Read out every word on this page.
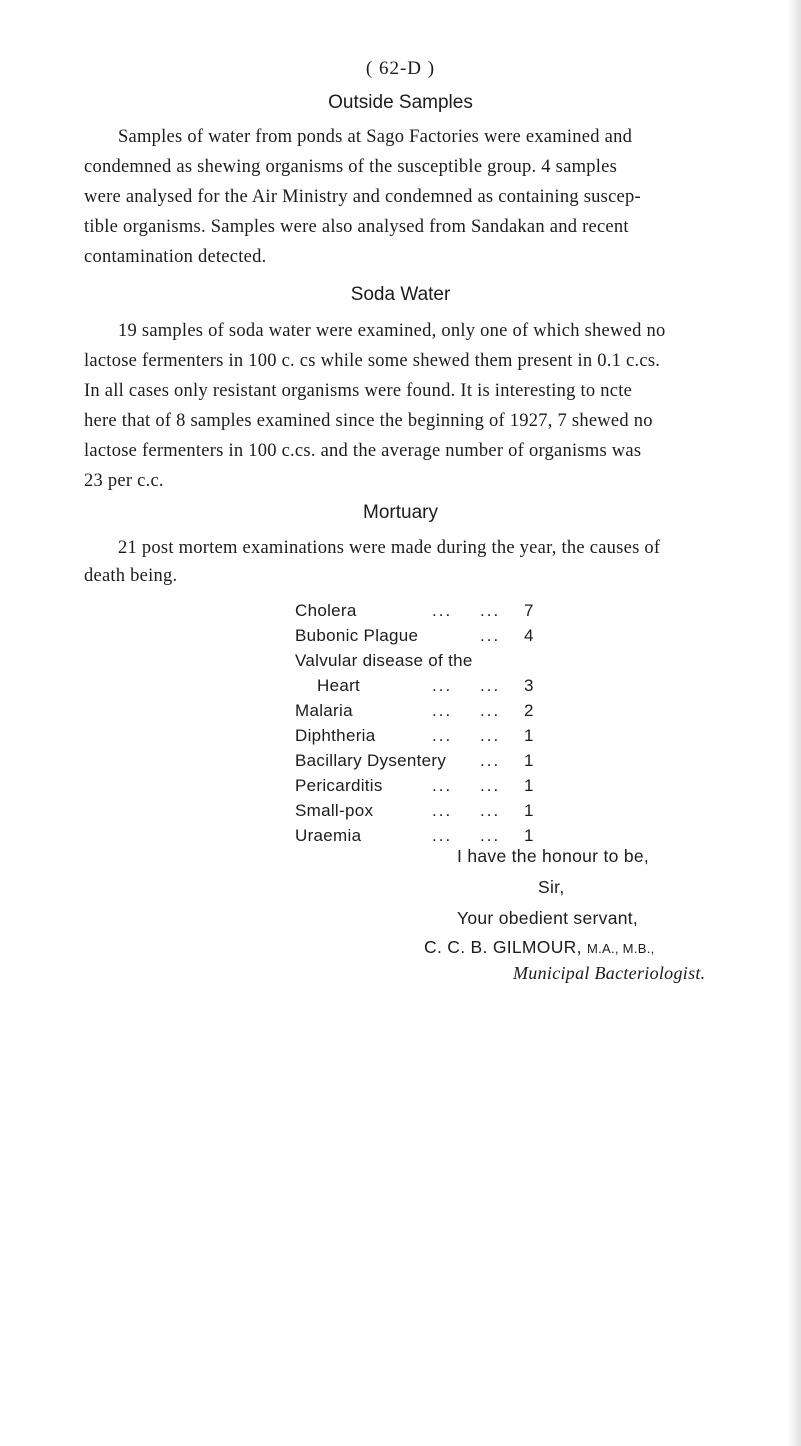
( 62-D )
Outside Samples
Samples of water from ponds at Sago Factories were examined and
condemned as shewing organisms of the susceptible group. 4 samples
were analysed for the Air Ministry and condemned as containing suscep-
tible organisms. Samples were also analysed from Sandakan and recent
contamination detected.
Soda Water
19 samples of soda water were examined, only one of which shewed no
lactose fermenters in 100 c. cs while some shewed them present in 0.1 c.cs.
In all cases only resistant organisms were found. It is interesting to ncte
here that of 8 samples examined since the beginning of 1927, 7 shewed no
lactose fermenters in 100 c.cs. and the average number of organisms was
23 per c.c.
Mortuary
21 post mortem examinations were made during the year, the causes of
death being.
Cholera	... ... 7
Bubonic Plague	... 4
Valvular disease of the
Heart	... ... 3
Malaria	... ... 2
Diphtheria	... ... 1
Bacillary Dysentery ... 1
Pericarditis	... ... 1
Small-pox	... ... 1
Uraemia	... ... 1
I have the honour to be,
Sir,
Your obedient servant,
C. C. B. GILMOUR, M.A., M.B.,
Municipal Bacteriologist.
